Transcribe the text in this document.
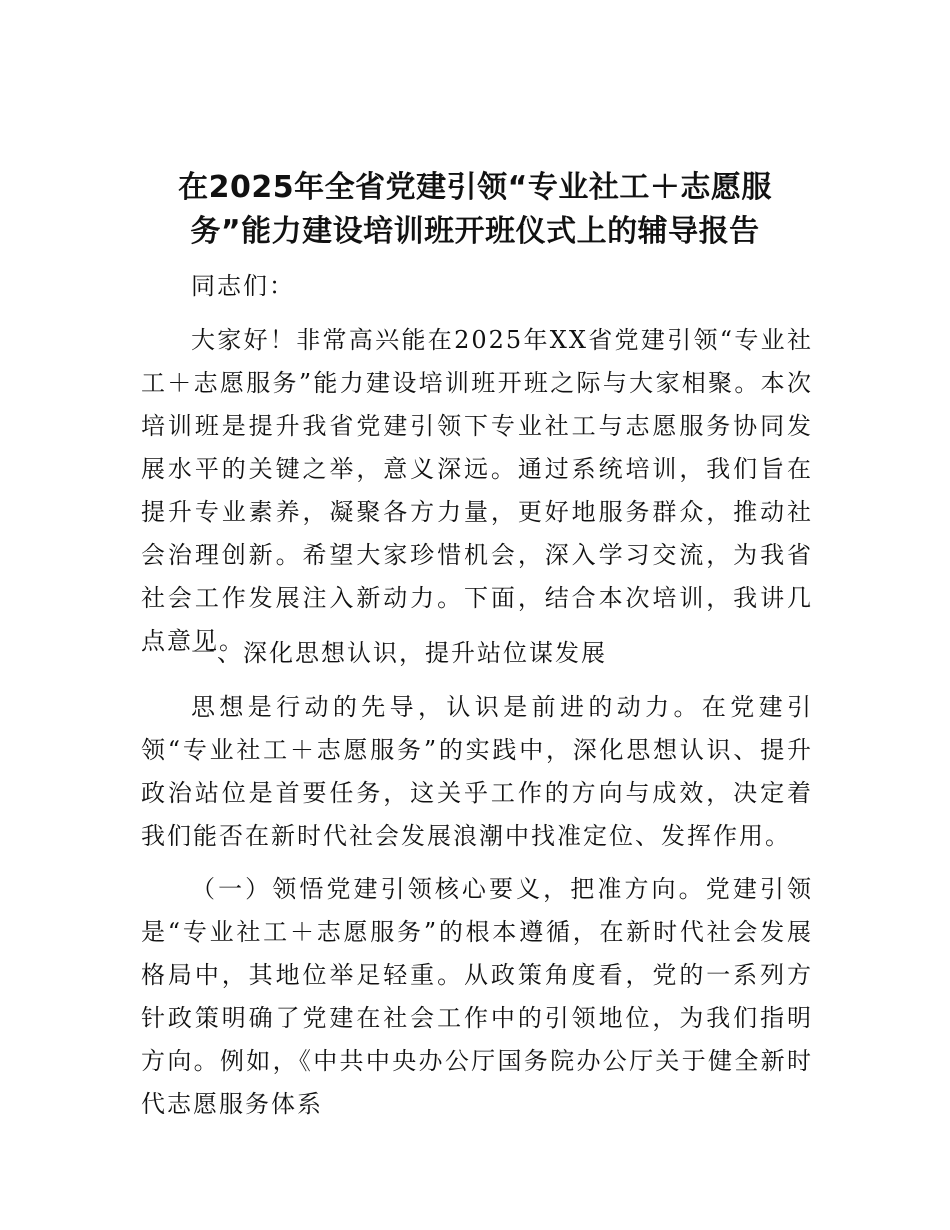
在2025年全省党建引领“专业社工＋志愿服务”能力建设培训班开班仪式上的辅导报告

同志们：

大家好！非常高兴能在2025年XX省党建引领“专业社工＋志愿服务”能力建设培训班开班之际与大家相聚。本次培训班是提升我省党建引领下专业社工与志愿服务协同发展水平的关键之举，意义深远。通过系统培训，我们旨在提升专业素养，凝聚各方力量，更好地服务群众，推动社会治理创新。希望大家珍惜机会，深入学习交流，为我省社会工作发展注入新动力。下面，结合本次培训，我讲几点意见。

一、深化思想认识，提升站位谋发展

思想是行动的先导，认识是前进的动力。在党建引领“专业社工＋志愿服务”的实践中，深化思想认识、提升政治站位是首要任务，这关乎工作的方向与成效，决定着我们能否在新时代社会发展浪潮中找准定位、发挥作用。

（一）领悟党建引领核心要义，把准方向。党建引领是“专业社工＋志愿服务”的根本遵循，在新时代社会发展格局中，其地位举足轻重。从政策角度看，党的一系列方针政策明确了党建在社会工作中的引领地位，为我们指明方向。例如，《中共中央办公厅国务院办公厅关于健全新时代志愿服务体系
